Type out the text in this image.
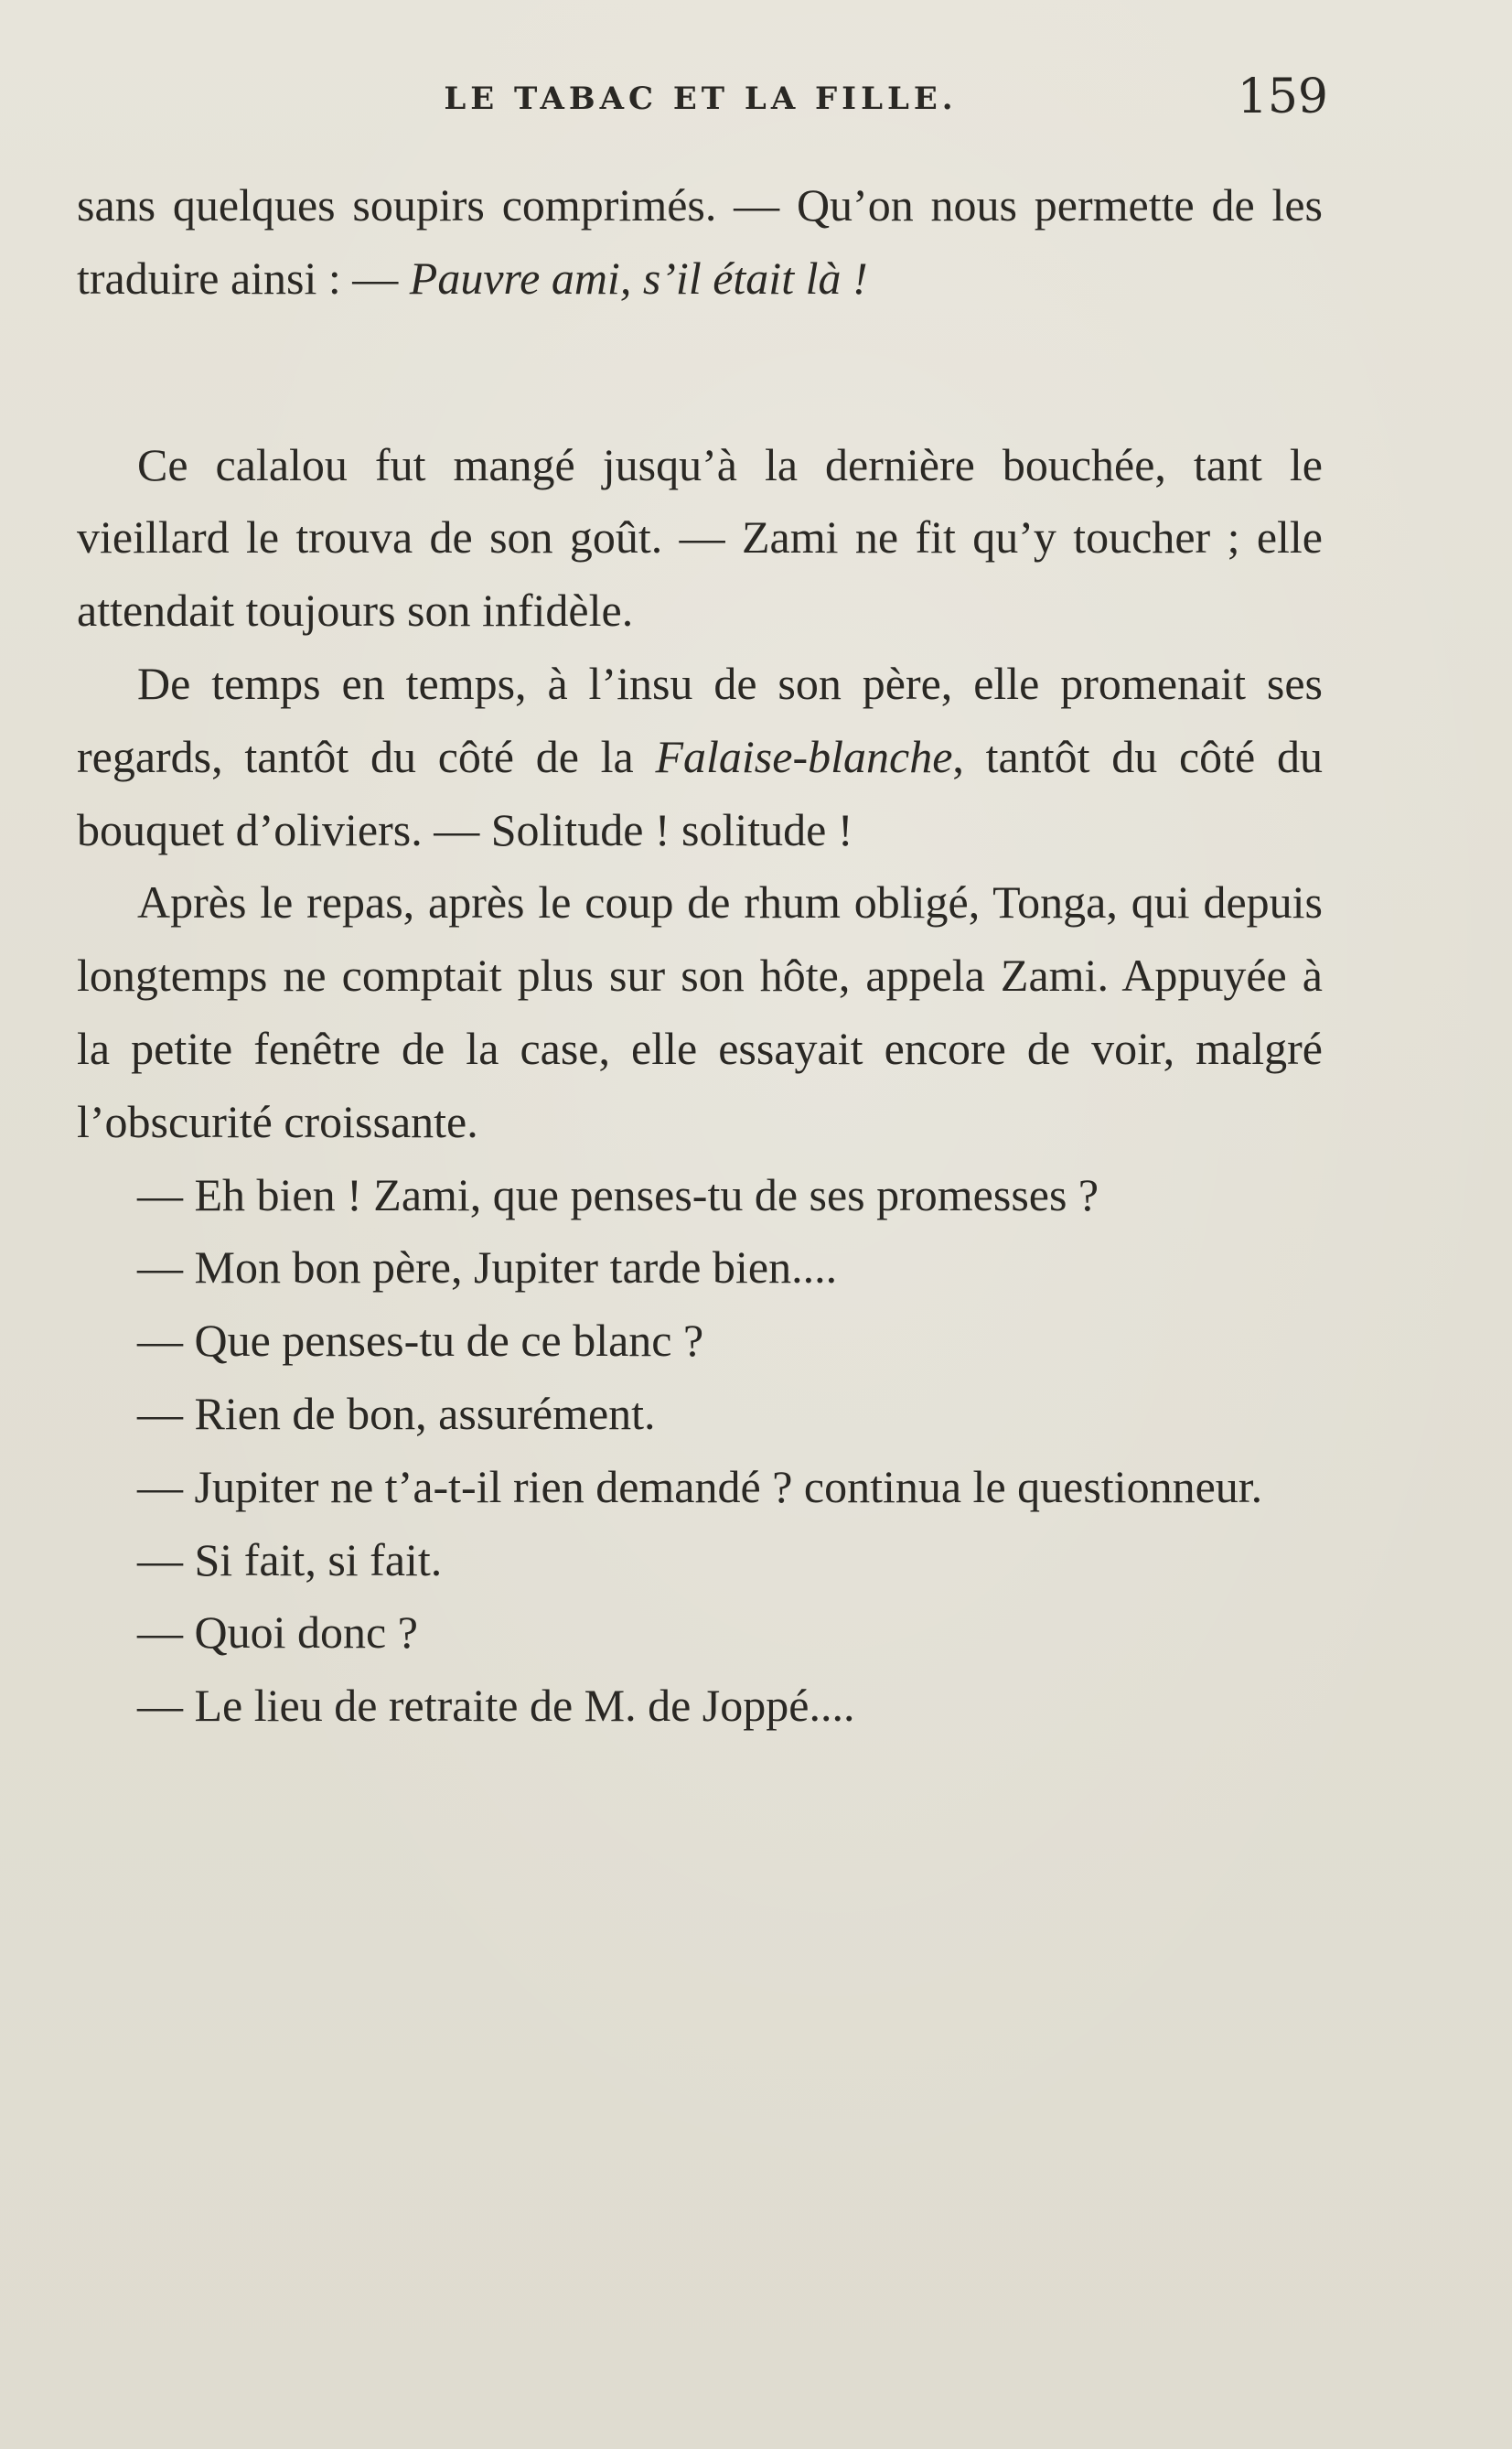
LE TABAC ET LA FILLE.	159

sans quelques soupirs comprimés. — Qu’on nous permette de les traduire ainsi : — Pauvre ami, s’il était là !

Ce calalou fut mangé jusqu’à la dernière bouchée, tant le vieillard le trouva de son goût. — Zami ne fit qu’y toucher ; elle attendait toujours son infidèle.

De temps en temps, à l’insu de son père, elle promenait ses regards, tantôt du côté de la Falaise-blanche, tantôt du côté du bouquet d’oliviers. — Solitude ! solitude !

Après le repas, après le coup de rhum obligé, Tonga, qui depuis longtemps ne comptait plus sur son hôte, appela Zami. Appuyée à la petite fenêtre de la case, elle essayait encore de voir, malgré l’obscurité croissante.

— Eh bien ! Zami, que penses-tu de ses promesses ?

— Mon bon père, Jupiter tarde bien....

— Que penses-tu de ce blanc ?

— Rien de bon, assurément.

— Jupiter ne t’a-t-il rien demandé ? continua le questionneur.

— Si fait, si fait.

— Quoi donc ?

— Le lieu de retraite de M. de Joppé....
